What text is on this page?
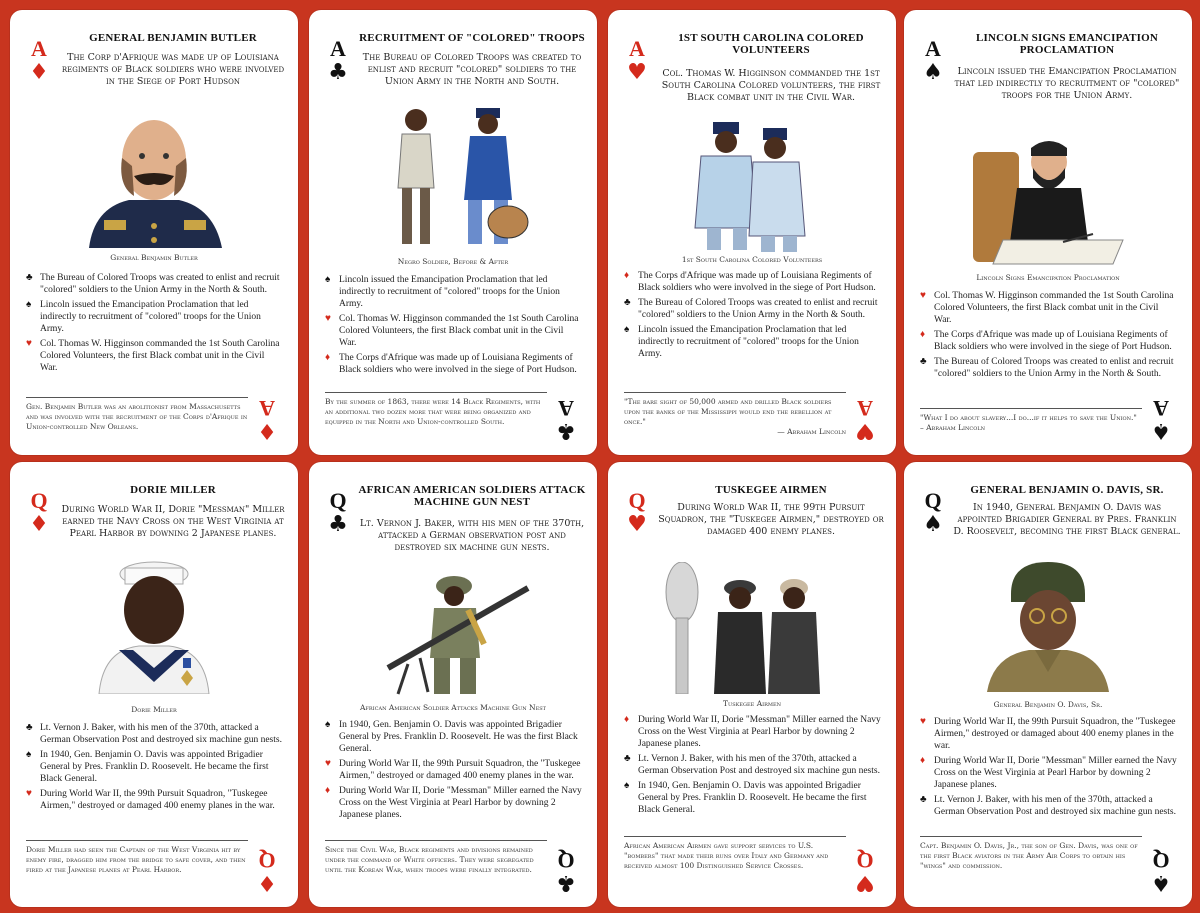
A
♦
GENERAL BENJAMIN BUTLER
The Corp d'Afrique was made up of Louisiana regiments of Black soldiers who were involved in the Siege of Port Hudson
General Benjamin Butler
♣ The Bureau of Colored Troops was created to enlist and recruit "colored" soldiers to the Union Army in the North & South.
♠ Lincoln issued the Emancipation Proclamation that led indirectly to recruitment of "colored" troops for the Union Army.
♥ Col. Thomas W. Higginson commanded the 1st South Carolina Colored Volunteers, the first Black combat unit in the Civil War.
Gen. Benjamin Butler was an abolitionist from Massachusetts and was involved with the recruitment of the Corps d'Afrique in Union-controlled New Orleans.	♦
A
A
♣
RECRUITMENT OF "COLORED" TROOPS
The Bureau of Colored Troops was created to enlist and recruit "colored" soldiers to the Union Army in the North and South.
Negro Soldier, Before & After
♠ Lincoln issued the Emancipation Proclamation that led indirectly to recruitment of "colored" troops for the Union Army.
♥ Col. Thomas W. Higginson commanded the 1st South Carolina Colored Volunteers, the first Black combat unit in the Civil War.
♦ The Corps d'Afrique was made up of Louisiana Regiments of Black soldiers who were involved in the siege of Port Hudson.
By the summer of 1863, there were 14 Black Regiments, with an additional two dozen more that were being organized and equipped in the North and Union-controlled South.	♣
A
A
♥
1ST SOUTH CAROLINA COLORED VOLUNTEERS
Col. Thomas W. Higginson commanded the 1st South Carolina Colored volunteers, the first Black combat unit in the Civil War.
1st South Carolina Colored Volunteers
♦ The Corps d'Afrique was made up of Louisiana Regiments of Black soldiers who were involved in the siege of Port Hudson.
♣ The Bureau of Colored Troops was created to enlist and recruit "colored" soldiers to the Union Army in the North & South.
♠ Lincoln issued the Emancipation Proclamation that led indirectly to recruitment of "colored" troops for the Union Army.
"The bare sight of 50,000 armed and drilled Black soldiers upon the banks of the Mississippi would end the rebellion at once."
— Abraham Lincoln ♥
A
A
♠
LINCOLN SIGNS EMANCIPATION PROCLAMATION
Lincoln issued the Emancipation Proclamation that led indirectly to recruitment of "colored" troops for the Union Army.
Lincoln Signs Emancipation Proclamation
♥ Col. Thomas W. Higginson commanded the 1st South Carolina Colored Volunteers, the first Black combat unit in the Civil War.
♦ The Corps d'Afrique was made up of Louisiana Regiments of Black soldiers who were involved in the siege of Port Hudson.
♣ The Bureau of Colored Troops was created to enlist and recruit "colored" soldiers to the Union Army in the North & South.
"What I do about slavery...I do...if it helps to save the Union." – Abraham Lincoln	♠
A
Q
♦
DORIE MILLER
During World War II, Dorie "Messman" Miller earned the Navy Cross on the West Virginia at Pearl Harbor by downing 2 Japanese planes.
Dorie Miller
♣ Lt. Vernon J. Baker, with his men of the 370th, attacked a German Observation Post and destroyed six machine gun nests.
♠ In 1940, Gen. Benjamin O. Davis was appointed Brigadier General by Pres. Franklin D. Roosevelt. He became the first Black General.
♥ During World War II, the 99th Pursuit Squadron, "Tuskegee Airmen," destroyed or damaged 400 enemy planes in the war.
Dorie Miller had seen the Captain of the West Virginia hit by enemy fire, dragged him from the bridge to safe cover, and then fired at the Japanese planes at Pearl Harbor.
♦
Q
Q
♣
AFRICAN AMERICAN SOLDIERS ATTACK MACHINE GUN NEST
Lt. Vernon J. Baker, with his men of the 370th, attacked a German observation post and destroyed six machine gun nests.
African American Soldier Attacks Machine Gun Nest
♠ In 1940, Gen. Benjamin O. Davis was appointed Brigadier General by Pres. Franklin D. Roosevelt. He was the first Black General.
♥ During World War II, the 99th Pursuit Squadron, the "Tuskegee Airmen," destroyed or damaged 400 enemy planes in the war.
♦ During World War II, Dorie "Messman" Miller earned the Navy Cross on the West Virginia at Pearl Harbor by downing 2 Japanese planes.
Since the Civil War, Black regiments and divisions remained under the command of White officers. They were segregated until the Korean War, when troops were finally integrated.
♣
Q
Q
♥
TUSKEGEE AIRMEN
During World War II, the 99th Pursuit Squadron, the "Tuskegee Airmen," destroyed or damaged 400 enemy planes.
Tuskegee Airmen
♦ During World War II, Dorie "Messman" Miller earned the Navy Cross on the West Virginia at Pearl Harbor by downing 2 Japanese planes.
♣ Lt. Vernon J. Baker, with his men of the 370th, attacked a German Observation Post and destroyed six machine gun nests.
♠ In 1940, Gen. Benjamin O. Davis was appointed Brigadier General by Pres. Franklin D. Roosevelt. He became the first Black General.
African American Airmen gave support services to U.S. "bombers" that made their runs over Italy and Germany and received almost 100 Distinguished Service Crosses.
♥
Q
Q
♠
GENERAL BENJAMIN O. DAVIS, SR.
In 1940, General Benjamin O. Davis was appointed Brigadier General by Pres. Franklin D. Roosevelt, becoming the first Black general.
General Benjamin O. Davis, Sr.
♥ During World War II, the 99th Pursuit Squadron, the "Tuskegee Airmen," destroyed or damaged about 400 enemy planes in the war.
♦ During World War II, Dorie "Messman" Miller earned the Navy Cross on the West Virginia at Pearl Harbor by downing 2 Japanese planes.
♣ Lt. Vernon J. Baker, with his men of the 370th, attacked a German Observation Post and destroyed six machine gun nests.
Capt. Benjamin O. Davis, Jr., the son of Gen. Davis, was one of the first Black aviators in the Army Air Corps to obtain his "wings" and commission.
♠
Q
